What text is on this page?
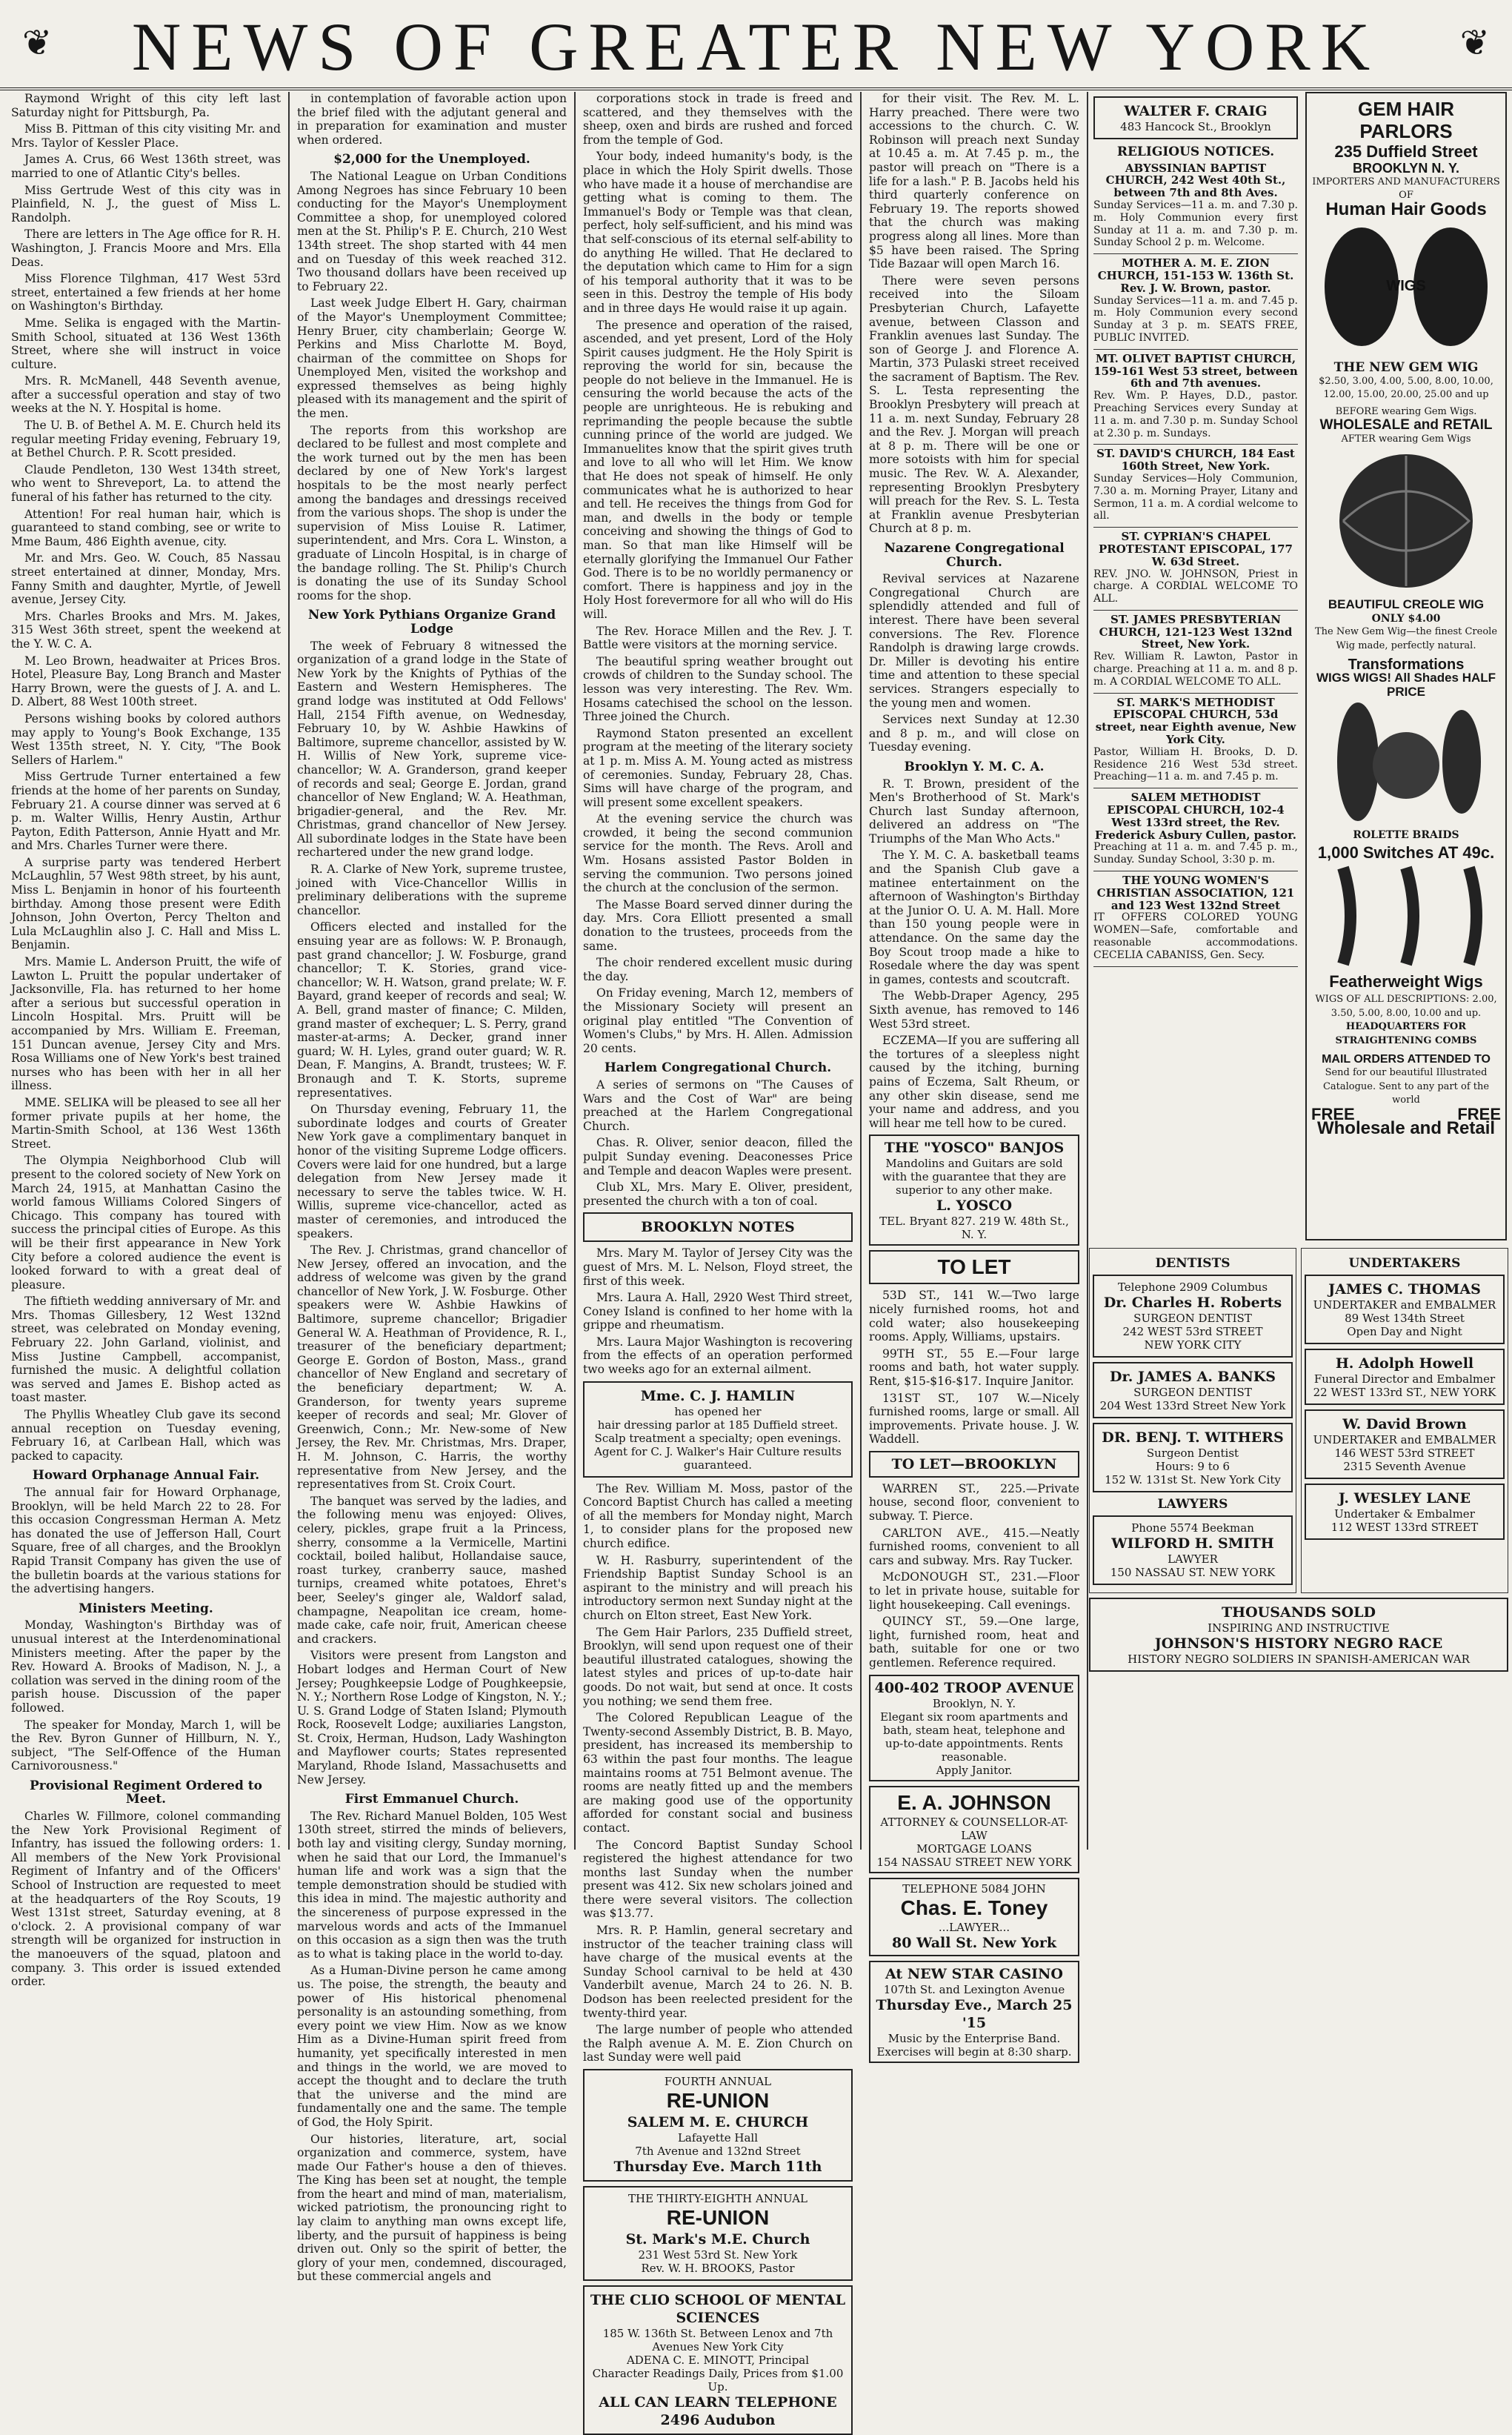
❦	NEWS OF GREATER NEW YORK	❦

Raymond Wright of this city left last Saturday night for Pittsburgh, Pa.

Miss B. Pittman of this city visiting Mr. and Mrs. Taylor of Kessler Place.

James A. Crus, 66 West 136th street, was married to one of Atlantic City's belles.

Miss Gertrude West of this city was in Plainfield, N. J., the guest of Miss L. Randolph.

There are letters in The Age office for R. H. Washington, J. Francis Moore and Mrs. Ella Deas.

Miss Florence Tilghman, 417 West 53rd street, entertained a few friends at her home on Washington's Birthday.

Mme. Selika is engaged with the Martin-Smith School, situated at 136 West 136th Street, where she will instruct in voice culture.

Mrs. R. McManell, 448 Seventh avenue, after a successful operation and stay of two weeks at the N. Y. Hospital is home.

The U. B. of Bethel A. M. E. Church held its regular meeting Friday evening, February 19, at Bethel Church. P. R. Scott presided.

Claude Pendleton, 130 West 134th street, who went to Shreveport, La. to attend the funeral of his father has returned to the city.

Attention! For real human hair, which is guaranteed to stand combing, see or write to Mme Baum, 486 Eighth avenue, city.

Mr. and Mrs. Geo. W. Couch, 85 Nassau street entertained at dinner, Monday, Mrs. Fanny Smith and daughter, Myrtle, of Jewell avenue, Jersey City.

Mrs. Charles Brooks and Mrs. M. Jakes, 315 West 36th street, spent the weekend at the Y. W. C. A.

M. Leo Brown, headwaiter at Prices Bros. Hotel, Pleasure Bay, Long Branch and Master Harry Brown, were the guests of J. A. and L. D. Albert, 88 West 100th street.

Persons wishing books by colored authors may apply to Young's Book Exchange, 135 West 135th street, N. Y. City, "The Book Sellers of Harlem."

Miss Gertrude Turner entertained a few friends at the home of her parents on Sunday, February 21. A course dinner was served at 6 p. m. Walter Willis, Henry Austin, Arthur Payton, Edith Patterson, Annie Hyatt and Mr. and Mrs. Charles Turner were there.

A surprise party was tendered Herbert McLaughlin, 57 West 98th street, by his aunt, Miss L. Benjamin in honor of his fourteenth birthday. Among those present were Edith Johnson, John Overton, Percy Thelton and Lula McLaughlin also J. C. Hall and Miss L. Benjamin.

Mrs. Mamie L. Anderson Pruitt, the wife of Lawton L. Pruitt the popular undertaker of Jacksonville, Fla. has returned to her home after a serious but successful operation in Lincoln Hospital. Mrs. Pruitt will be accompanied by Mrs. William E. Freeman, 151 Duncan avenue, Jersey City and Mrs. Rosa Williams one of New York's best trained nurses who has been with her in all her illness.

MME. SELIKA will be pleased to see all her former private pupils at her home, the Martin-Smith School, at 136 West 136th Street.

The Olympia Neighborhood Club will present to the colored society of New York on March 24, 1915, at Manhattan Casino the world famous Williams Colored Singers of Chicago. This company has toured with success the principal cities of Europe. As this will be their first appearance in New York City before a colored audience the event is looked forward to with a great deal of pleasure.

The fiftieth wedding anniversary of Mr. and Mrs. Thomas Gillesbery, 12 West 132nd street, was celebrated on Monday evening, February 22. John Garland, violinist, and Miss Justine Campbell, accompanist, furnished the music. A delightful collation was served and James E. Bishop acted as toast master.

The Phyllis Wheatley Club gave its second annual reception on Tuesday evening, February 16, at Carlbean Hall, which was packed to capacity.

Howard Orphanage Annual Fair.

The annual fair for Howard Orphanage, Brooklyn, will be held March 22 to 28. For this occasion Congressman Herman A. Metz has donated the use of Jefferson Hall, Court Square, free of all charges, and the Brooklyn Rapid Transit Company has given the use of the bulletin boards at the various stations for the advertising hangers.

Ministers Meeting.

Monday, Washington's Birthday was of unusual interest at the Interdenominational Ministers meeting. After the paper by the Rev. Howard A. Brooks of Madison, N. J., a collation was served in the dining room of the parish house. Discussion of the paper followed.

The speaker for Monday, March 1, will be the Rev. Byron Gunner of Hillburn, N. Y., subject, "The Self-Offence of the Human Carnivorousness."

Provisional Regiment Ordered to Meet.

Charles W. Fillmore, colonel commanding the New York Provisional Regiment of Infantry, has issued the following orders: 1. All members of the New York Provisional Regiment of Infantry and of the Officers' School of Instruction are requested to meet at the headquarters of the Roy Scouts, 19 West 131st street, Saturday evening, at 8 o'clock. 2. A provisional company of war strength will be organized for instruction in the manoeuvers of the squad, platoon and company. 3. This order is issued extended order.

in contemplation of favorable action upon the brief filed with the adjutant general and in preparation for examination and muster when ordered.

$2,000 for the Unemployed.

The National League on Urban Conditions Among Negroes has since February 10 been conducting for the Mayor's Unemployment Committee a shop, for unemployed colored men at the St. Philip's P. E. Church, 210 West 134th street. The shop started with 44 men and on Tuesday of this week reached 312. Two thousand dollars have been received up to February 22.

Last week Judge Elbert H. Gary, chairman of the Mayor's Unemployment Committee; Henry Bruer, city chamberlain; George W. Perkins and Miss Charlotte M. Boyd, chairman of the committee on Shops for Unemployed Men, visited the workshop and expressed themselves as being highly pleased with its management and the spirit of the men.

The reports from this workshop are declared to be fullest and most complete and the work turned out by the men has been declared by one of New York's largest hospitals to be the most nearly perfect among the bandages and dressings received from the various shops. The shop is under the supervision of Miss Louise R. Latimer, superintendent, and Mrs. Cora L. Winston, a graduate of Lincoln Hospital, is in charge of the bandage rolling. The St. Philip's Church is donating the use of its Sunday School rooms for the shop.

New York Pythians Organize Grand Lodge

The week of February 8 witnessed the organization of a grand lodge in the State of New York by the Knights of Pythias of the Eastern and Western Hemispheres. The grand lodge was instituted at Odd Fellows' Hall, 2154 Fifth avenue, on Wednesday, February 10, by W. Ashbie Hawkins of Baltimore, supreme chancellor, assisted by W. H. Willis of New York, supreme vice-chancellor; W. A. Granderson, grand keeper of records and seal; George E. Jordan, grand chancellor of New England; W. A. Heathman, brigadier-general, and the Rev. Mr. Christmas, grand chancellor of New Jersey. All subordinate lodges in the State have been rechartered under the new grand lodge.

R. A. Clarke of New York, supreme trustee, joined with Vice-Chancellor Willis in preliminary deliberations with the supreme chancellor.

Officers elected and installed for the ensuing year are as follows: W. P. Bronaugh, past grand chancellor; J. W. Fosburge, grand chancellor; T. K. Stories, grand vice-chancellor; W. H. Watson, grand prelate; W. F. Bayard, grand keeper of records and seal; W. A. Bell, grand master of finance; C. Milden, grand master of exchequer; L. S. Perry, grand master-at-arms; A. Decker, grand inner guard; W. H. Lyles, grand outer guard; W. R. Dean, F. Mangins, A. Brandt, trustees; W. F. Bronaugh and T. K. Storts, supreme representatives.

On Thursday evening, February 11, the subordinate lodges and courts of Greater New York gave a complimentary banquet in honor of the visiting Supreme Lodge officers. Covers were laid for one hundred, but a large delegation from New Jersey made it necessary to serve the tables twice. W. H. Willis, supreme vice-chancellor, acted as master of ceremonies, and introduced the speakers.

The Rev. J. Christmas, grand chancellor of New Jersey, offered an invocation, and the address of welcome was given by the grand chancellor of New York, J. W. Fosburge. Other speakers were W. Ashbie Hawkins of Baltimore, supreme chancellor; Brigadier General W. A. Heathman of Providence, R. I., treasurer of the beneficiary department; George E. Gordon of Boston, Mass., grand chancellor of New England and secretary of the beneficiary department; W. A. Granderson, for twenty years supreme keeper of records and seal; Mr. Glover of Greenwich, Conn.; Mr. New-some of New Jersey, the Rev. Mr. Christmas, Mrs. Draper, H. M. Johnson, C. Harris, the worthy representative from New Jersey, and the representatives from St. Croix Court.

The banquet was served by the ladies, and the following menu was enjoyed: Olives, celery, pickles, grape fruit a la Princess, sherry, consomme a la Vermicelle, Martini cocktail, boiled halibut, Hollandaise sauce, roast turkey, cranberry sauce, mashed turnips, creamed white potatoes, Ehret's beer, Seeley's ginger ale, Waldorf salad, champagne, Neapolitan ice cream, home-made cake, cafe noir, fruit, American cheese and crackers.

Visitors were present from Langston and Hobart lodges and Herman Court of New Jersey; Poughkeepsie Lodge of Poughkeepsie, N. Y.; Northern Rose Lodge of Kingston, N. Y.; U. S. Grand Lodge of Staten Island; Plymouth Rock, Roosevelt Lodge; auxiliaries Langston, St. Croix, Herman, Hudson, Lady Washington and Mayflower courts; States represented Maryland, Rhode Island, Massachusetts and New Jersey.

First Emmanuel Church.

The Rev. Richard Manuel Bolden, 105 West 130th street, stirred the minds of believers, both lay and visiting clergy, Sunday morning, when he said that our Lord, the Immanuel's human life and work was a sign that the temple demonstration should be studied with this idea in mind. The majestic authority and the sincereness of purpose expressed in the marvelous words and acts of the Immanuel on this occasion as a sign then was the truth as to what is taking place in the world to-day.

As a Human-Divine person he came among us. The poise, the strength, the beauty and power of His historical phenomenal personality is an astounding something, from every point we view Him. Now as we know Him as a Divine-Human spirit freed from humanity, yet specifically interested in men and things in the world, we are moved to accept the thought and to declare the truth that the universe and the mind are fundamentally one and the same. The temple of God, the Holy Spirit.

Our histories, literature, art, social organization and commerce, system, have made Our Father's house a den of thieves. The King has been set at nought, the temple from the heart and mind of man, materialism, wicked patriotism, the pronouncing right to lay claim to anything man owns except life, liberty, and the pursuit of happiness is being driven out. Only so the spirit of better, the glory of your men, condemned, discouraged, but these commercial angels and

corporations stock in trade is freed and scattered, and they themselves with the sheep, oxen and birds are rushed and forced from the temple of God.

Your body, indeed humanity's body, is the place in which the Holy Spirit dwells. Those who have made it a house of merchandise are getting what is coming to them. The Immanuel's Body or Temple was that clean, perfect, holy self-sufficient, and his mind was that self-conscious of its eternal self-ability to do anything He willed. That He declared to the deputation which came to Him for a sign of his temporal authority that it was to be seen in this. Destroy the temple of His body and in three days He would raise it up again.

The presence and operation of the raised, ascended, and yet present, Lord of the Holy Spirit causes judgment. He the Holy Spirit is reproving the world for sin, because the people do not believe in the Immanuel. He is censuring the world because the acts of the people are unrighteous. He is rebuking and reprimanding the people because the subtle cunning prince of the world are judged. We Immanuelites know that the spirit gives truth and love to all who will let Him. We know that He does not speak of himself. He only communicates what he is authorized to hear and tell. He receives the things from God for man, and dwells in the body or temple conceiving and showing the things of God to man. So that man like Himself will be eternally glorifying the Immanuel Our Father God. There is to be no worldly permanency or comfort. There is happiness and joy in the Holy Host forevermore for all who will do His will.

The Rev. Horace Millen and the Rev. J. T. Battle were visitors at the morning service.

The beautiful spring weather brought out crowds of children to the Sunday school. The lesson was very interesting. The Rev. Wm. Hosams catechised the school on the lesson. Three joined the Church.

Raymond Staton presented an excellent program at the meeting of the literary society at 1 p. m. Miss A. M. Young acted as mistress of ceremonies. Sunday, February 28, Chas. Sims will have charge of the program, and will present some excellent speakers.

At the evening service the church was crowded, it being the second communion service for the month. The Revs. Aroll and Wm. Hosans assisted Pastor Bolden in serving the communion. Two persons joined the church at the conclusion of the sermon.

The Masse Board served dinner during the day. Mrs. Cora Elliott presented a small donation to the trustees, proceeds from the same.

The choir rendered excellent music during the day.

On Friday evening, March 12, members of the Missionary Society will present an original play entitled "The Convention of Women's Clubs," by Mrs. H. Allen. Admission 20 cents.

Harlem Congregational Church.

A series of sermons on "The Causes of Wars and the Cost of War" are being preached at the Harlem Congregational Church.

Chas. R. Oliver, senior deacon, filled the pulpit Sunday evening. Deaconesses Price and Temple and deacon Waples were present.

Club XL, Mrs. Mary E. Oliver, president, presented the church with a ton of coal.

BROOKLYN NOTES

Mrs. Mary M. Taylor of Jersey City was the guest of Mrs. M. L. Nelson, Floyd street, the first of this week.

Mrs. Laura A. Hall, 2920 West Third street, Coney Island is confined to her home with la grippe and rheumatism.

Mrs. Laura Major Washington is recovering from the effects of an operation performed two weeks ago for an external ailment.

Mme. C. J. HAMLIN
has opened her
hair dressing parlor at 185 Duffield street. Scalp treatment a specialty; open evenings. Agent for C. J. Walker's Hair Culture results guaranteed.

The Rev. William M. Moss, pastor of the Concord Baptist Church has called a meeting of all the members for Monday night, March 1, to consider plans for the proposed new church edifice.

W. H. Rasburry, superintendent of the Friendship Baptist Sunday School is an aspirant to the ministry and will preach his introductory sermon next Sunday night at the church on Elton street, East New York.

The Gem Hair Parlors, 235 Duffield street, Brooklyn, will send upon request one of their beautiful illustrated catalogues, showing the latest styles and prices of up-to-date hair goods. Do not wait, but send at once. It costs you nothing; we send them free.

The Colored Republican League of the Twenty-second Assembly District, B. B. Mayo, president, has increased its membership to 63 within the past four months. The league maintains rooms at 751 Belmont avenue. The rooms are neatly fitted up and the members are making good use of the opportunity afforded for constant social and business contact.

The Concord Baptist Sunday School registered the highest attendance for two months last Sunday when the number present was 412. Six new scholars joined and there were several visitors. The collection was $13.77.

Mrs. R. P. Hamlin, general secretary and instructor of the teacher training class will have charge of the musical events at the Sunday School carnival to be held at 430 Vanderbilt avenue, March 24 to 26. N. B. Dodson has been reelected president for the twenty-third year.

The large number of people who attended the Ralph avenue A. M. E. Zion Church on last Sunday were well paid

FOURTH ANNUAL
RE-UNION
SALEM M. E. CHURCH
Lafayette Hall
7th Avenue and 132nd Street
Thursday Eve. March 11th
THE THIRTY-EIGHTH ANNUAL
RE-UNION
St. Mark's M.E. Church
231 West 53rd St. New York
Rev. W. H. BROOKS, Pastor
THE CLIO SCHOOL OF MENTAL SCIENCES
185 W. 136th St. Between Lenox and 7th Avenues New York City
ADENA C. E. MINOTT, Principal
Character Readings Daily, Prices from $1.00 Up.
ALL CAN LEARN TELEPHONE 2496 Audubon

for their visit. The Rev. M. L. Harry preached. There were two accessions to the church. C. W. Robinson will preach next Sunday at 10.45 a. m. At 7.45 p. m., the pastor will preach on "There is a life for a lash." P. B. Jacobs held his third quarterly conference on February 19. The reports showed that the church was making progress along all lines. More than $5 have been raised. The Spring Tide Bazaar will open March 16.

There were seven persons received into the Siloam Presbyterian Church, Lafayette avenue, between Classon and Franklin avenues last Sunday. The son of George J. and Florence A. Martin, 373 Pulaski street received the sacrament of Baptism. The Rev. S. L. Testa representing the Brooklyn Presbytery will preach at 11 a. m. next Sunday, February 28 and the Rev. J. Morgan will preach at 8 p. m. There will be one or more sotoists with him for special music. The Rev. W. A. Alexander, representing Brooklyn Presbytery will preach for the Rev. S. L. Testa at Franklin avenue Presbyterian Church at 8 p. m.

Nazarene Congregational Church.

Revival services at Nazarene Congregational Church are splendidly attended and full of interest. There have been several conversions. The Rev. Florence Randolph is drawing large crowds. Dr. Miller is devoting his entire time and attention to these special services. Strangers especially to the young men and women.

Services next Sunday at 12.30 and 8 p. m., and will close on Tuesday evening.

Brooklyn Y. M. C. A.

R. T. Brown, president of the Men's Brotherhood of St. Mark's Church last Sunday afternoon, delivered an address on "The Triumphs of the Man Who Acts."

The Y. M. C. A. basketball teams and the Spanish Club gave a matinee entertainment on the afternoon of Washington's Birthday at the Junior O. U. A. M. Hall. More than 150 young people were in attendance. On the same day the Boy Scout troop made a hike to Rosedale where the day was spent in games, contests and scoutcraft.

The Webb-Draper Agency, 295 Sixth avenue, has removed to 146 West 53rd street.

ECZEMA—If you are suffering all the tortures of a sleepless night caused by the itching, burning pains of Eczema, Salt Rheum, or any other skin disease, send me your name and address, and you will hear me tell how to be cured.

THE "YOSCO" BANJOS
Mandolins and Guitars are sold with the guarantee that they are superior to any other make.
L. YOSCO
TEL. Bryant 827. 219 W. 48th St., N. Y.
TO LET

53D ST., 141 W.—Two large nicely furnished rooms, hot and cold water; also housekeeping rooms. Apply, Williams, upstairs.

99TH ST., 55 E.—Four large rooms and bath, hot water supply. Rent, $15-$16-$17. Inquire Janitor.

131ST ST., 107 W.—Nicely furnished rooms, large or small. All improvements. Private house. J. W. Waddell.

TO LET—BROOKLYN

WARREN ST., 225.—Private house, second floor, convenient to subway. T. Pierce.

CARLTON AVE., 415.—Neatly furnished rooms, convenient to all cars and subway. Mrs. Ray Tucker.

McDONOUGH ST., 231.—Floor to let in private house, suitable for light housekeeping. Call evenings.

QUINCY ST., 59.—One large, light, furnished room, heat and bath, suitable for one or two gentlemen. Reference required.

400-402 TROOP AVENUE
Brooklyn, N. Y.
Elegant six room apartments and bath, steam heat, telephone and up-to-date appointments. Rents reasonable.
Apply Janitor.
E. A. JOHNSON
ATTORNEY & COUNSELLOR-AT-LAW
MORTGAGE LOANS
154 NASSAU STREET NEW YORK
TELEPHONE 5084 JOHN
Chas. E. Toney
...LAWYER...
80 Wall St. New York
At NEW STAR CASINO
107th St. and Lexington Avenue
Thursday Eve., March 25 '15
Music by the Enterprise Band. Exercises will begin at 8:30 sharp.
WALTER F. CRAIG
483 Hancock St., Brooklyn
RELIGIOUS NOTICES.
ABYSSINIAN BAPTIST CHURCH, 242 West 40th St., between 7th and 8th Aves.
Sunday Services—11 a. m. and 7.30 p. m. Holy Communion every first Sunday at 11 a. m. and 7.30 p. m. Sunday School 2 p. m. Welcome.
MOTHER A. M. E. ZION CHURCH, 151-153 W. 136th St. Rev. J. W. Brown, pastor.
Sunday Services—11 a. m. and 7.45 p. m. Holy Communion every second Sunday at 3 p. m. SEATS FREE, PUBLIC INVITED.
MT. OLIVET BAPTIST CHURCH, 159-161 West 53 street, between 6th and 7th avenues.
Rev. Wm. P. Hayes, D.D., pastor. Preaching Services every Sunday at 11 a. m. and 7.30 p. m. Sunday School at 2.30 p. m. Sundays.
ST. DAVID'S CHURCH, 184 East 160th Street, New York.
Sunday Services—Holy Communion, 7.30 a. m. Morning Prayer, Litany and Sermon, 11 a. m. A cordial welcome to all.
ST. CYPRIAN'S CHAPEL PROTESTANT EPISCOPAL, 177 W. 63d Street.
REV. JNO. W. JOHNSON, Priest in charge. A CORDIAL WELCOME TO ALL.
ST. JAMES PRESBYTERIAN CHURCH, 121-123 West 132nd Street, New York.
Rev. William R. Lawton, Pastor in charge. Preaching at 11 a. m. and 8 p. m. A CORDIAL WELCOME TO ALL.
ST. MARK'S METHODIST EPISCOPAL CHURCH, 53d street, near Eighth avenue, New York City.
Pastor, William H. Brooks, D. D. Residence 216 West 53d street. Preaching—11 a. m. and 7.45 p. m.
SALEM METHODIST EPISCOPAL CHURCH, 102-4 West 133rd street, the Rev. Frederick Asbury Cullen, pastor.
Preaching at 11 a. m. and 7.45 p. m., Sunday. Sunday School, 3:30 p. m.
THE YOUNG WOMEN'S CHRISTIAN ASSOCIATION, 121 and 123 West 132nd Street
IT OFFERS COLORED YOUNG WOMEN—Safe, comfortable and reasonable accommodations. CECELIA CABANISS, Gen. Secy.
GEM HAIR PARLORS
235 Duffield Street
BROOKLYN N. Y.
IMPORTERS AND MANUFACTURERS OF
Human Hair Goods
WIGS
THE NEW GEM WIG
$2.50, 3.00, 4.00, 5.00, 8.00, 10.00, 12.00, 15.00, 20.00, 25.00 and up
BEFORE wearing Gem Wigs.
WHOLESALE and RETAIL
AFTER wearing Gem Wigs
BEAUTIFUL CREOLE WIG
ONLY $4.00
The New Gem Wig—the finest Creole Wig made, perfectly natural.
Transformations
WIGS WIGS! All Shades HALF PRICE
ROLETTE BRAIDS
1,000 Switches AT 49c.
Featherweight Wigs
WIGS OF ALL DESCRIPTIONS: 2.00, 3.50, 5.00, 8.00, 10.00 and up.
HEADQUARTERS FOR STRAIGHTENING COMBS
MAIL ORDERS ATTENDED TO
Send for our beautiful Illustrated Catalogue. Sent to any part of the world
FREE	FREE
Wholesale and Retail
DENTISTS
Telephone 2909 Columbus
Dr. Charles H. Roberts
SURGEON DENTIST
242 WEST 53rd STREET
NEW YORK CITY
Dr. JAMES A. BANKS
SURGEON DENTIST
204 West 133rd Street New York
DR. BENJ. T. WITHERS
Surgeon Dentist
Hours: 9 to 6
152 W. 131st St. New York City
LAWYERS
Phone 5574 Beekman
WILFORD H. SMITH
LAWYER
150 NASSAU ST. NEW YORK
UNDERTAKERS
JAMES C. THOMAS
UNDERTAKER and EMBALMER
89 West 134th Street
Open Day and Night
H. Adolph Howell
Funeral Director and Embalmer
22 WEST 133rd ST., NEW YORK
W. David Brown
UNDERTAKER and EMBALMER
146 WEST 53rd STREET
2315 Seventh Avenue
J. WESLEY LANE
Undertaker & Embalmer
112 WEST 133rd STREET
THOUSANDS SOLD
INSPIRING AND INSTRUCTIVE
JOHNSON'S HISTORY NEGRO RACE
HISTORY NEGRO SOLDIERS IN SPANISH-AMERICAN WAR
